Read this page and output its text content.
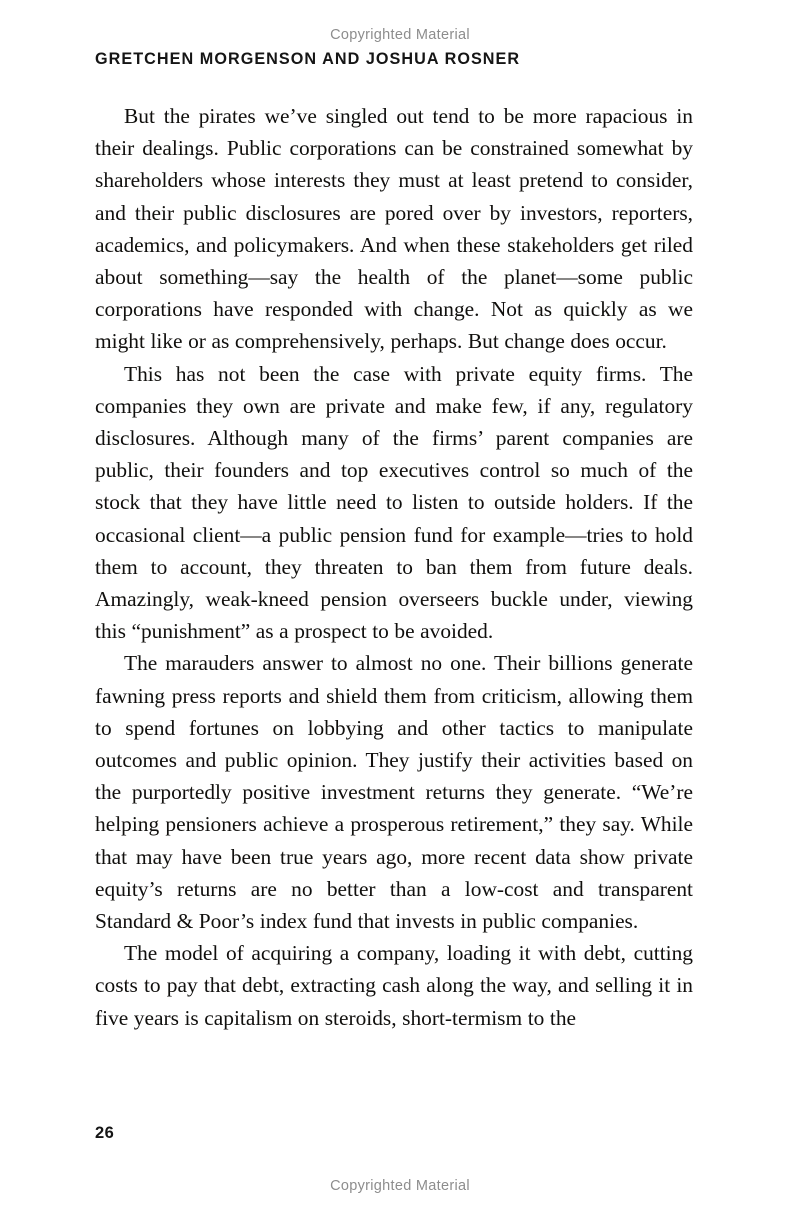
Copyrighted Material
GRETCHEN MORGENSON AND JOSHUA ROSNER

But the pirates we’ve singled out tend to be more rapacious in their dealings. Public corporations can be constrained somewhat by shareholders whose interests they must at least pretend to consider, and their public disclosures are pored over by investors, reporters, academics, and policymakers. And when these stakeholders get riled about something—say the health of the planet—some public corporations have responded with change. Not as quickly as we might like or as comprehensively, perhaps. But change does occur.

This has not been the case with private equity firms. The companies they own are private and make few, if any, regulatory disclosures. Although many of the firms’ parent companies are public, their founders and top executives control so much of the stock that they have little need to listen to outside holders. If the occasional client—a public pension fund for example—tries to hold them to account, they threaten to ban them from future deals. Amazingly, weak-kneed pension overseers buckle under, viewing this “punishment” as a prospect to be avoided.

The marauders answer to almost no one. Their billions generate fawning press reports and shield them from criticism, allowing them to spend fortunes on lobbying and other tactics to manipulate outcomes and public opinion. They justify their activities based on the purportedly positive investment returns they generate. “We’re helping pensioners achieve a prosperous retirement,” they say. While that may have been true years ago, more recent data show private equity’s returns are no better than a low-cost and transparent Standard & Poor’s index fund that invests in public companies.

The model of acquiring a company, loading it with debt, cutting costs to pay that debt, extracting cash along the way, and selling it in five years is capitalism on steroids, short-termism to the

26
Copyrighted Material
